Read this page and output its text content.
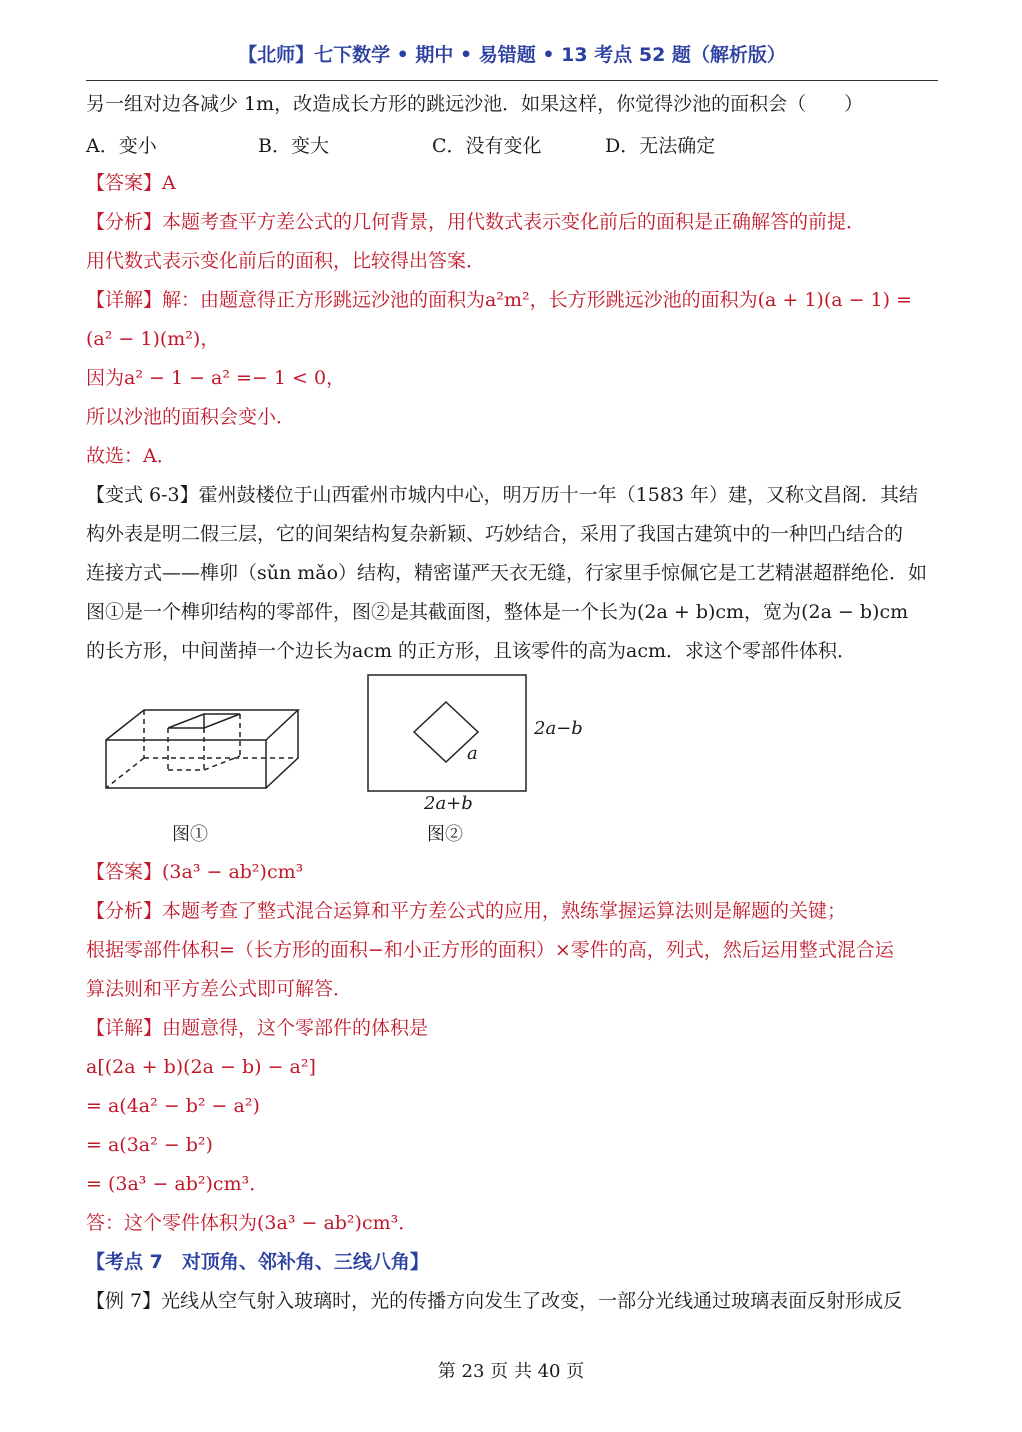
【北师】七下数学 • 期中 • 易错题 • 13 考点 52 题（解析版）
另一组对边各减少 1m，改造成长方形的跳远沙池．如果这样，你觉得沙池的面积会（　　）
A．变小	B．变大	C．没有变化	D．无法确定
【答案】A
【分析】本题考查平方差公式的几何背景，用代数式表示变化前后的面积是正确解答的前提．
用代数式表示变化前后的面积，比较得出答案．
【详解】解：由题意得正方形跳远沙池的面积为a²m²，长方形跳远沙池的面积为(a + 1)(a − 1) =
(a² − 1)(m²)，
因为a² − 1 − a² =− 1 < 0，
所以沙池的面积会变小．
故选：A．
【变式 6-3】霍州鼓楼位于山西霍州市城内中心，明万历十一年（1583 年）建，又称文昌阁．其结
构外表是明二假三层，它的间架结构复杂新颖、巧妙结合，采用了我国古建筑中的一种凹凸结合的
连接方式——榫卯（sǔn mǎo）结构，精密谨严天衣无缝，行家里手惊佩它是工艺精湛超群绝伦．如
图①是一个榫卯结构的零部件，图②是其截面图，整体是一个长为(2a + b)cm，宽为(2a − b)cm
的长方形，中间凿掉一个边长为acm 的正方形，且该零件的高为acm．求这个零部件体积．
2a−b
a
2a+b
图①	图②
【答案】(3a³ − ab²)cm³
【分析】本题考查了整式混合运算和平方差公式的应用，熟练掌握运算法则是解题的关键；
根据零部件体积=（长方形的面积−和小正方形的面积）×零件的高，列式，然后运用整式混合运
算法则和平方差公式即可解答．
【详解】由题意得，这个零部件的体积是
a[(2a + b)(2a − b) − a²]
= a(4a² − b² − a²)
= a(3a² − b²)
= (3a³ − ab²)cm³．
答：这个零件体积为(3a³ − ab²)cm³．
【考点 7　对顶角、邻补角、三线八角】
【例 7】光线从空气射入玻璃时，光的传播方向发生了改变，一部分光线通过玻璃表面反射形成反
第 23 页 共 40 页
